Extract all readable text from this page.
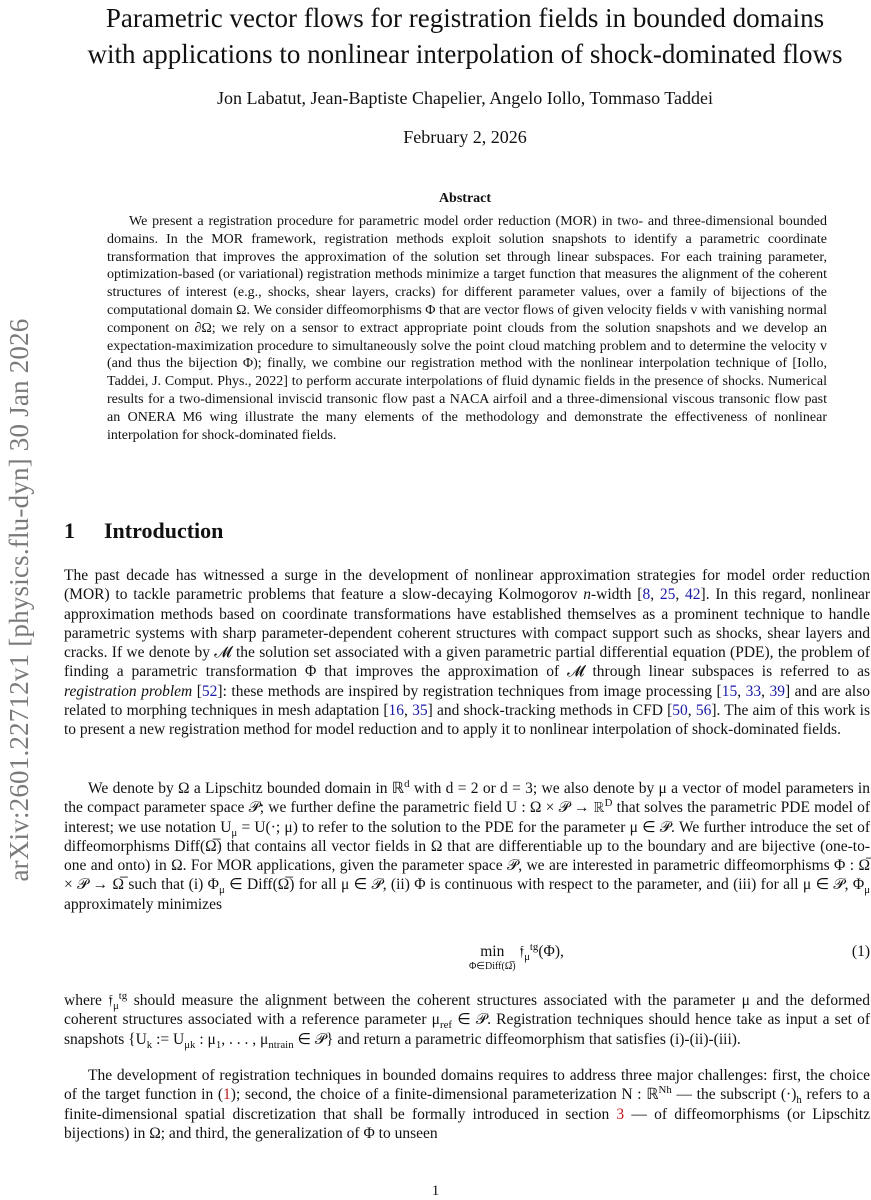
arXiv:2601.22712v1 [physics.flu-dyn] 30 Jan 2026
Parametric vector flows for registration fields in bounded domains
with applications to nonlinear interpolation of shock-dominated flows
Jon Labatut, Jean-Baptiste Chapelier, Angelo Iollo, Tommaso Taddei
February 2, 2026
Abstract

We present a registration procedure for parametric model order reduction (MOR) in two- and three-dimensional bounded domains. In the MOR framework, registration methods exploit solution snapshots to identify a parametric coordinate transformation that improves the approximation of the solution set through linear subspaces. For each training parameter, optimization-based (or variational) registration methods minimize a target function that measures the alignment of the coherent structures of interest (e.g., shocks, shear layers, cracks) for different parameter values, over a family of bijections of the computational domain Ω. We consider diffeomorphisms Φ that are vector flows of given velocity fields v with vanishing normal component on ∂Ω; we rely on a sensor to extract appropriate point clouds from the solution snapshots and we develop an expectation-maximization procedure to simultaneously solve the point cloud matching problem and to determine the velocity v (and thus the bijection Φ); finally, we combine our registration method with the nonlinear interpolation technique of [Iollo, Taddei, J. Comput. Phys., 2022] to perform accurate interpolations of fluid dynamic fields in the presence of shocks. Numerical results for a two-dimensional inviscid transonic flow past a NACA airfoil and a three-dimensional viscous transonic flow past an ONERA M6 wing illustrate the many elements of the methodology and demonstrate the effectiveness of nonlinear interpolation for shock-dominated fields.

1 Introduction

The past decade has witnessed a surge in the development of nonlinear approximation strategies for model order reduction (MOR) to tackle parametric problems that feature a slow-decaying Kolmogorov n-width [8, 25, 42]. In this regard, nonlinear approximation methods based on coordinate transformations have established themselves as a prominent technique to handle parametric systems with sharp parameter-dependent coherent structures with compact support such as shocks, shear layers and cracks. If we denote by 𝓜 the solution set associated with a given parametric partial differential equation (PDE), the problem of finding a parametric transformation Φ that improves the approximation of 𝓜 through linear subspaces is referred to as registration problem [52]: these methods are inspired by registration techniques from image processing [15, 33, 39] and are also related to morphing techniques in mesh adaptation [16, 35] and shock-tracking methods in CFD [50, 56]. The aim of this work is to present a new registration method for model reduction and to apply it to nonlinear interpolation of shock-dominated fields.

We denote by Ω a Lipschitz bounded domain in ℝ$^d$ with d = 2 or d = 3; we also denote by μ a vector of model parameters in the compact parameter space 𝒫; we further define the parametric field U : Ω × 𝒫 → ℝ$^D$ that solves the parametric PDE model of interest; we use notation $U_\mu = U(\cdot$; μ) to refer to the solution to the PDE for the parameter μ ∈ 𝒫. We further introduce the set of diffeomorphisms Diff(Ω̅) that contains all vector fields in Ω that are differentiable up to the boundary and are bijective (one-to-one and onto) in Ω. For MOR applications, given the parameter space 𝒫, we are interested in parametric diffeomorphisms Φ : Ω̅ × 𝒫 → Ω̅ such that (i) $\Phi_\mu$ ∈ Diff(Ω̅) for all μ ∈ 𝒫, (ii) Φ is continuous with respect to the parameter, and (iii) for all μ ∈ 𝒫, $\Phi_\mu$ approximately minimizes

min
Φ∈Diff(Ω̅)
𝔣$_\mu^{tg}$(Φ),	(1)

where 𝔣$_\mu^{tg}$ should measure the alignment between the coherent structures associated with the parameter μ and the deformed coherent structures associated with a reference parameter $\mu_{ref}$ ∈ 𝒫. Registration techniques should hence take as input a set of snapshots {$U_k$ := $U_{\mu k}$ : $\mu_1$, . . . , $\mu_{ntrain}$ ∈ 𝒫} and return a parametric diffeomorphism that satisfies (i)-(ii)-(iii).

The development of registration techniques in bounded domains requires to address three major challenges: first, the choice of the target function in (1); second, the choice of a finite-dimensional parameterization N : ℝ$^{Nh}$ — the subscript $(\cdot)_h$ refers to a finite-dimensional spatial discretization that shall be formally introduced in section 3 — of diffeomorphisms (or Lipschitz bijections) in Ω; and third, the generalization of Φ to unseen

1
